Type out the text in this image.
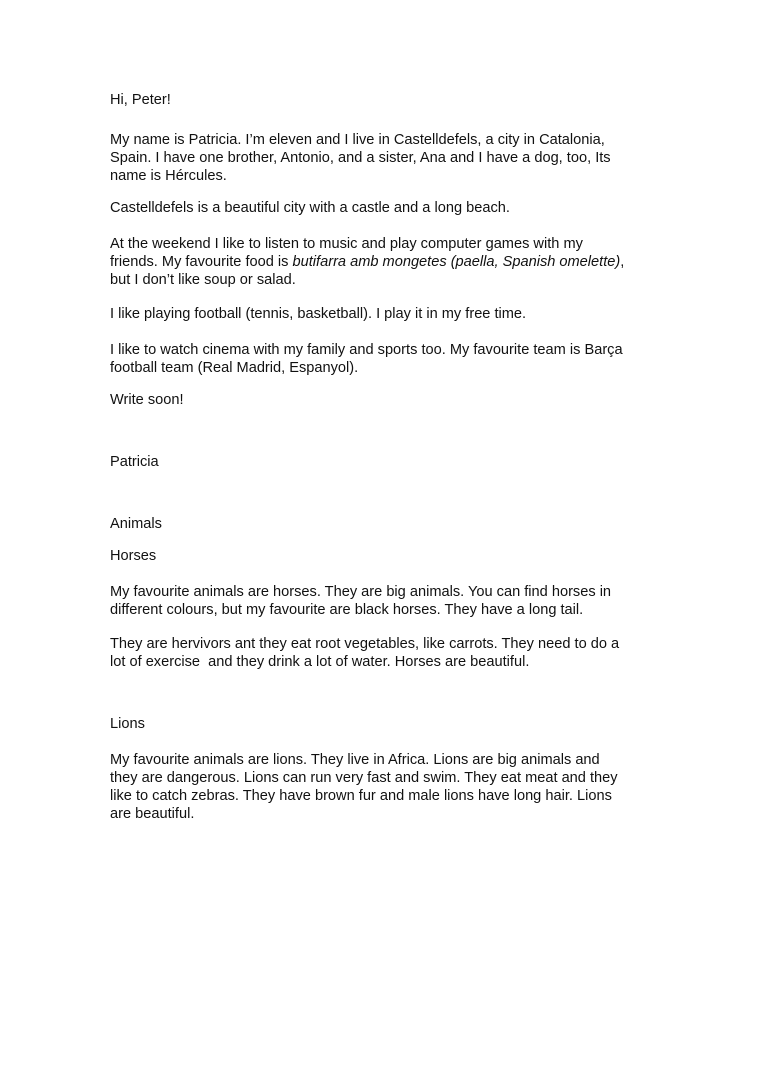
Hi, Peter!
My name is Patricia. I’m eleven and I live in Castelldefels, a city in Catalonia,
Spain. I have one brother, Antonio, and a sister, Ana and I have a dog, too, Its
name is Hércules.
Castelldefels is a beautiful city with a castle and a long beach.
At the weekend I like to listen to music and play computer games with my
friends. My favourite food is butifarra amb mongetes (paella, Spanish omelette),
but I don’t like soup or salad.
I like playing football (tennis, basketball). I play it in my free time.
I like to watch cinema with my family and sports too. My favourite team is Barça
football team (Real Madrid, Espanyol).
Write soon!
Patricia
Animals
Horses
My favourite animals are horses. They are big animals. You can find horses in
different colours, but my favourite are black horses. They have a long tail.
They are hervivors ant they eat root vegetables, like carrots. They need to do a
lot of exercise  and they drink a lot of water. Horses are beautiful.
Lions
My favourite animals are lions. They live in Africa. Lions are big animals and
they are dangerous. Lions can run very fast and swim. They eat meat and they
like to catch zebras. They have brown fur and male lions have long hair. Lions
are beautiful.
